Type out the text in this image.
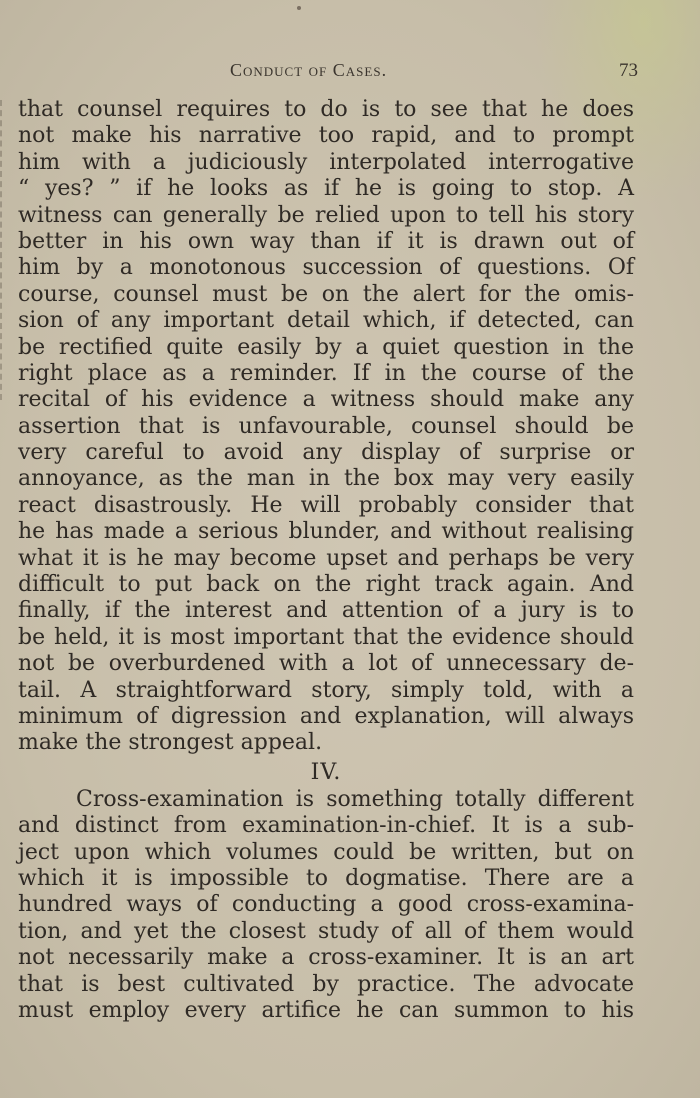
Conduct of Cases.	73
that counsel requires to do is to see that he does
not make his narrative too rapid, and to prompt
him with a judiciously interpolated interrogative
“ yes? ” if he looks as if he is going to stop. A
witness can generally be relied upon to tell his story
better in his own way than if it is drawn out of
him by a monotonous succession of questions. Of
course, counsel must be on the alert for the omis-
sion of any important detail which, if detected, can
be rectified quite easily by a quiet question in the
right place as a reminder. If in the course of the
recital of his evidence a witness should make any
assertion that is unfavourable, counsel should be
very careful to avoid any display of surprise or
annoyance, as the man in the box may very easily
react disastrously. He will probably consider that
he has made a serious blunder, and without realising
what it is he may become upset and perhaps be very
difficult to put back on the right track again. And
finally, if the interest and attention of a jury is to
be held, it is most important that the evidence should
not be overburdened with a lot of unnecessary de-
tail. A straightforward story, simply told, with a
minimum of digression and explanation, will always
make the strongest appeal.
IV.
Cross-examination is something totally different
and distinct from examination-in-chief. It is a sub-
ject upon which volumes could be written, but on
which it is impossible to dogmatise. There are a
hundred ways of conducting a good cross-examina-
tion, and yet the closest study of all of them would
not necessarily make a cross-examiner. It is an art
that is best cultivated by practice. The advocate
must employ every artifice he can summon to his
